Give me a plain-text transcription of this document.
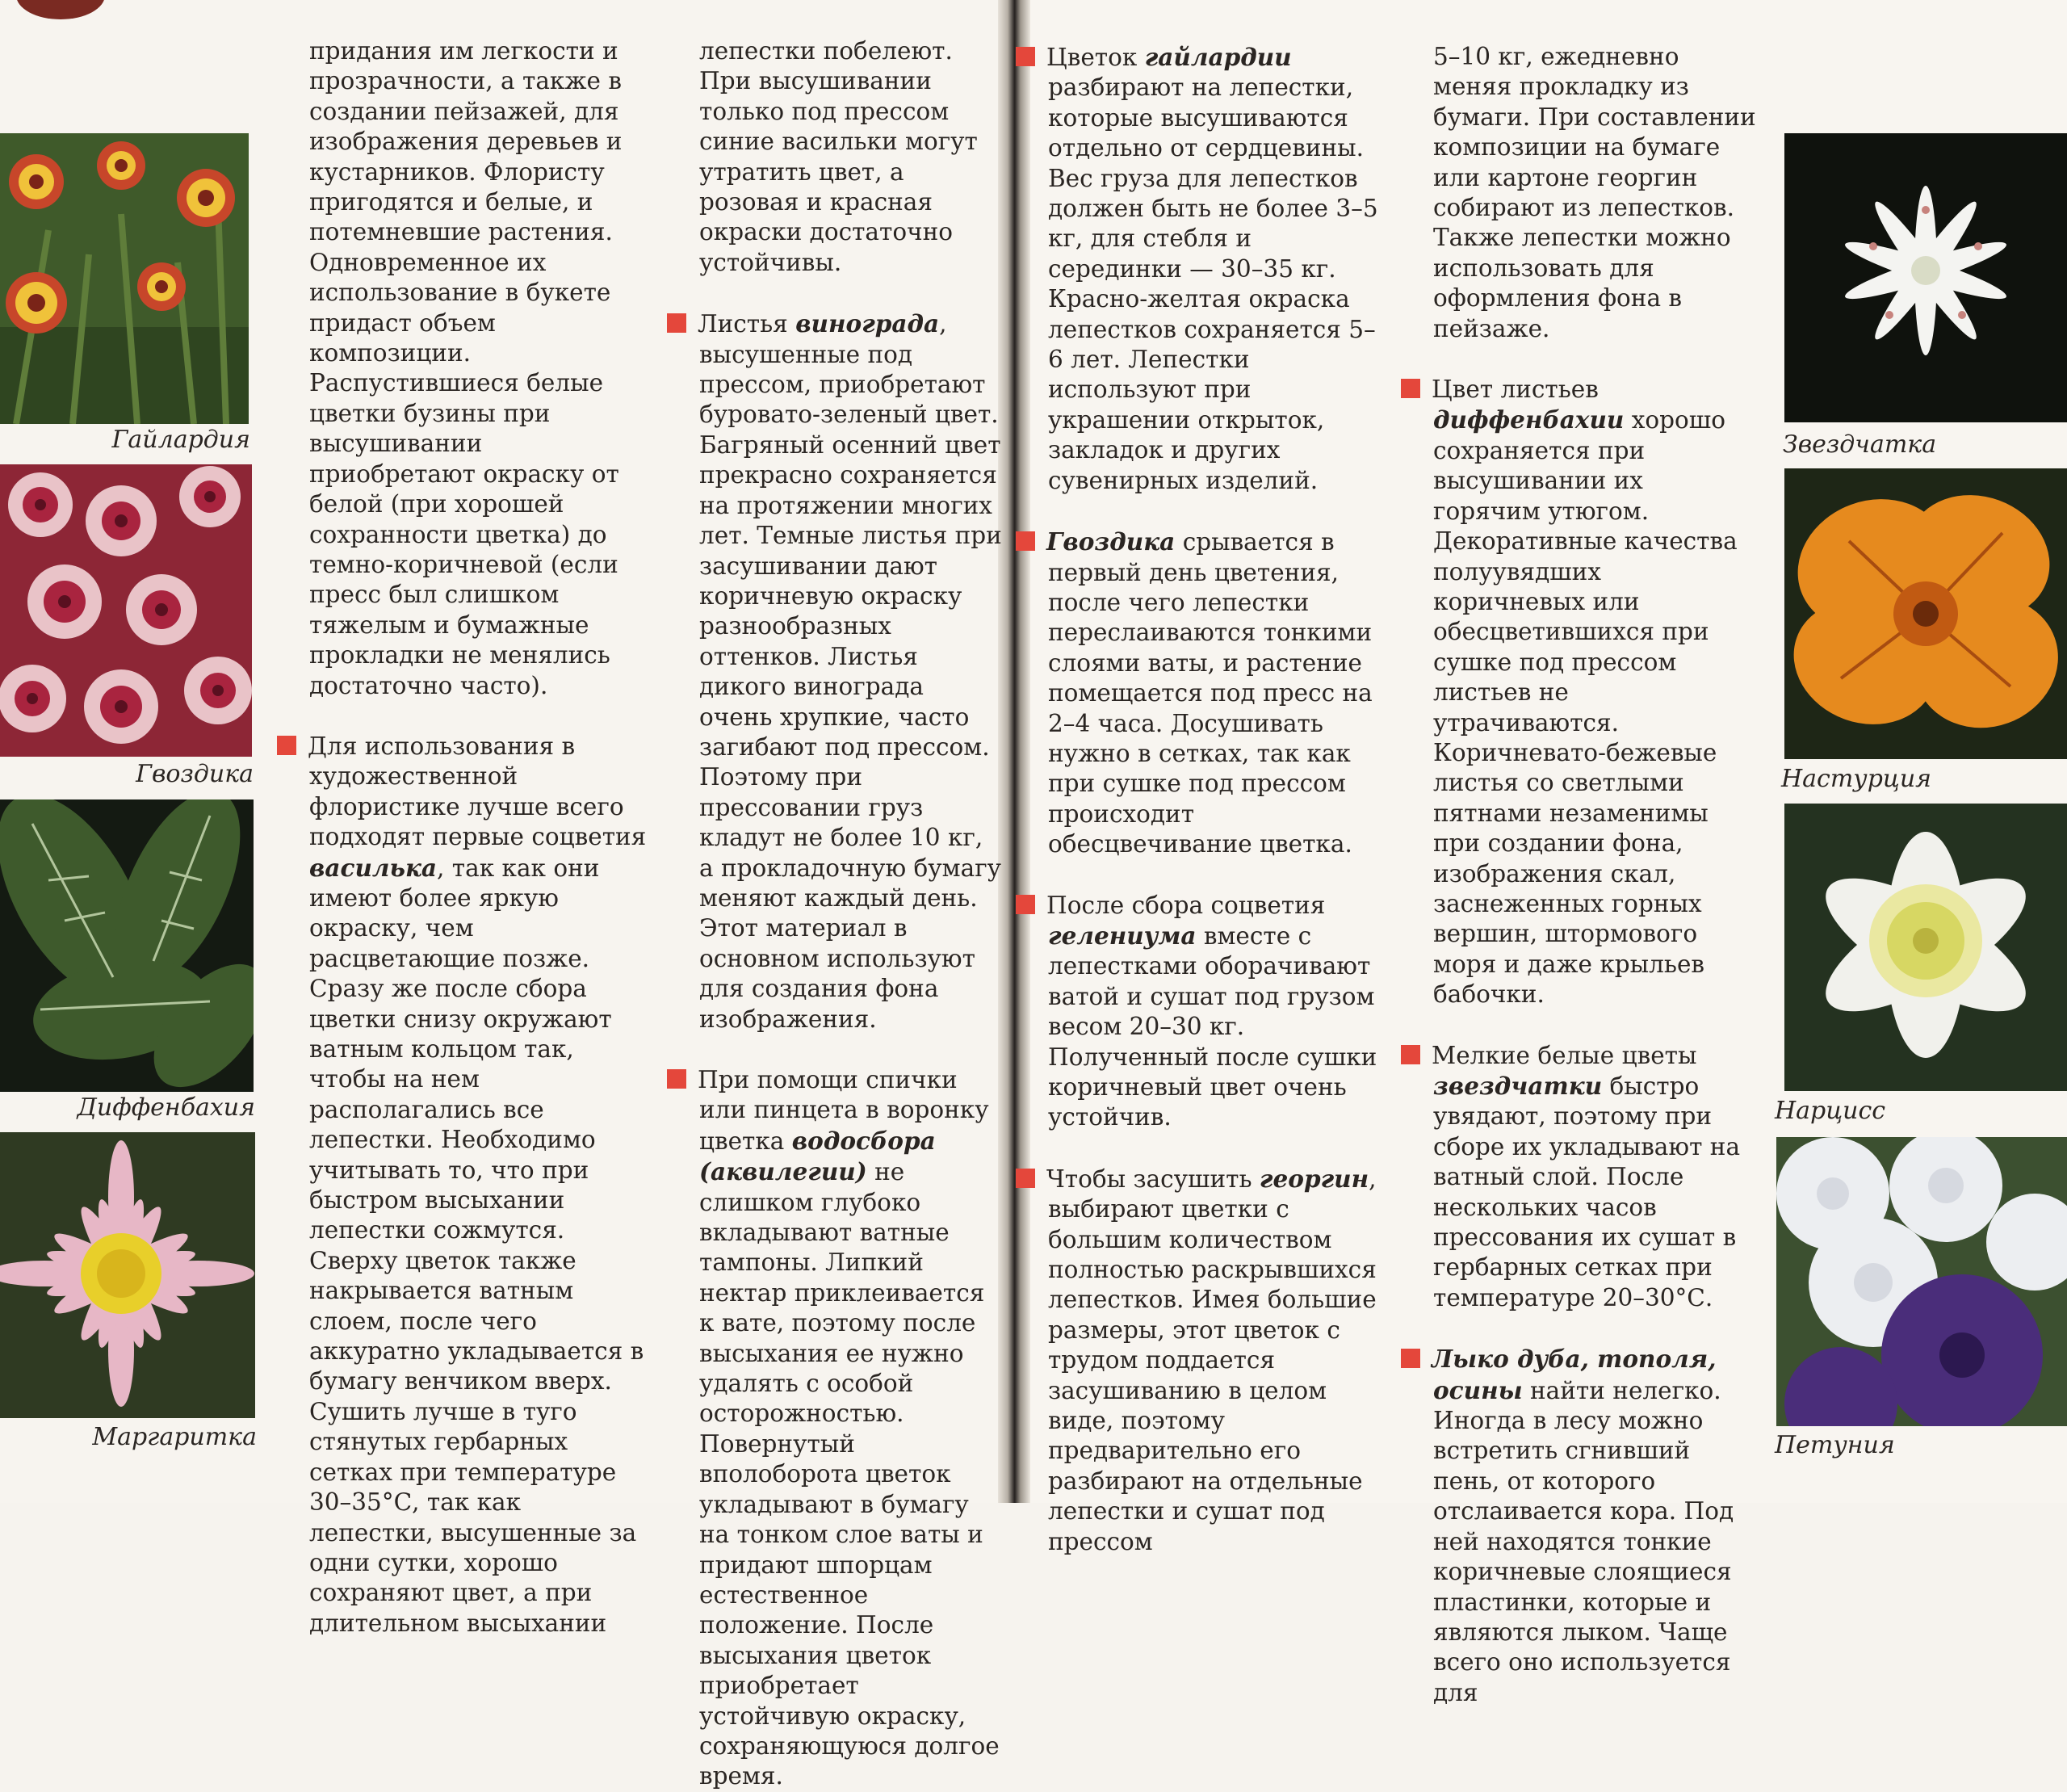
Гайлардия
Гвоздика
Диффенбахия
Маргаритка

придания им легкости и прозрачности, а также в создании пейзажей, для изображения деревьев и кустарников. Флористу пригодятся и белые, и потемневшие растения. Одновременное их использование в букете придаст объем композиции. Распустившиеся белые цветки бузины при высушивании приобретают окраску от белой (при хорошей сохранности цветка) до темно-коричневой (если пресс был слишком тяжелым и бумажные прокладки не менялись достаточно часто).

Для использования в художественной флористике лучше всего подходят первые соцветия василька, так как они имеют более яркую окраску, чем расцветающие позже. Сразу же после сбора цветки снизу окружают ватным кольцом так, чтобы на нем располагались все лепестки. Необходимо учитывать то, что при быстром высыхании лепестки сожмутся. Сверху цветок также накрывается ватным слоем, после чего аккуратно укладывается в бумагу венчиком вверх. Сушить лучше в туго стянутых гербарных сетках при температуре 30–35°С, так как лепестки, высушенные за одни сутки, хорошо сохраняют цвет, а при длительном высыхании

лепестки побелеют. При высушивании только под прессом синие васильки могут утратить цвет, а розовая и красная окраски достаточно устойчивы.

Листья винограда, высушенные под прессом, приобретают буровато-зеленый цвет. Багряный осенний цвет прекрасно сохраняется на протяжении многих лет. Темные листья при засушивании дают коричневую окраску разнообразных оттенков. Листья дикого винограда очень хрупкие, часто загибают под прессом. Поэтому при прессовании груз кладут не более 10 кг, а прокладочную бумагу меняют каждый день. Этот материал в основном используют для создания фона изображения.

При помощи спички или пинцета в воронку цветка водосбора (аквилегии) не слишком глубоко вкладывают ватные тампоны. Липкий нектар приклеивается к вате, поэтому после высыхания ее нужно удалять с особой осторожностью. Повернутый вполоборота цветок укладывают в бумагу на тонком слое ваты и придают шпорцам естественное положение. После высыхания цветок приобретает устойчивую окраску, сохраняющуюся долгое время.

Цветок гайлардии разбирают на лепестки, которые высушиваются отдельно от сердцевины. Вес груза для лепестков должен быть не более 3–5 кг, для стебля и серединки — 30–35 кг. Красно-желтая окраска лепестков сохраняется 5–6 лет. Лепестки используют при украшении открыток, закладок и других сувенирных изделий.

Гвоздика срывается в первый день цветения, после чего лепестки переслаиваются тонкими слоями ваты, и растение помещается под пресс на 2–4 часа. Досушивать нужно в сетках, так как при сушке под прессом происходит обесцвечивание цветка.

После сбора соцветия гелениума вместе с лепестками оборачивают ватой и сушат под грузом весом 20–30 кг. Полученный после сушки коричневый цвет очень устойчив.

Чтобы засушить георгин, выбирают цветки с большим количеством полностью раскрывшихся лепестков. Имея большие размеры, этот цветок с трудом поддается засушиванию в целом виде, поэтому предварительно его разбирают на отдельные лепестки и сушат под прессом

5–10 кг, ежедневно меняя прокладку из бумаги. При составлении композиции на бумаге или картоне георгин собирают из лепестков. Также лепестки можно использовать для оформления фона в пейзаже.

Цвет листьев диффенбахии хорошо сохраняется при высушивании их горячим утюгом. Декоративные качества полуувядших коричневых или обесцветившихся при сушке под прессом листьев не утрачиваются. Коричневато-бежевые листья со светлыми пятнами незаменимы при создании фона, изображения скал, заснеженных горных вершин, штормового моря и даже крыльев бабочки.

Мелкие белые цветы звездчатки быстро увядают, поэтому при сборе их укладывают на ватный слой. После нескольких часов прессования их сушат в гербарных сетках при температуре 20–30°С.

Лыко дуба, тополя, осины найти нелегко. Иногда в лесу можно встретить сгнивший пень, от которого отслаивается кора. Под ней находятся тонкие коричневые слоящиеся пластинки, которые и являются лыком. Чаще всего оно используется для

Звездчатка
Настурция
Нарцисс
Петуния
